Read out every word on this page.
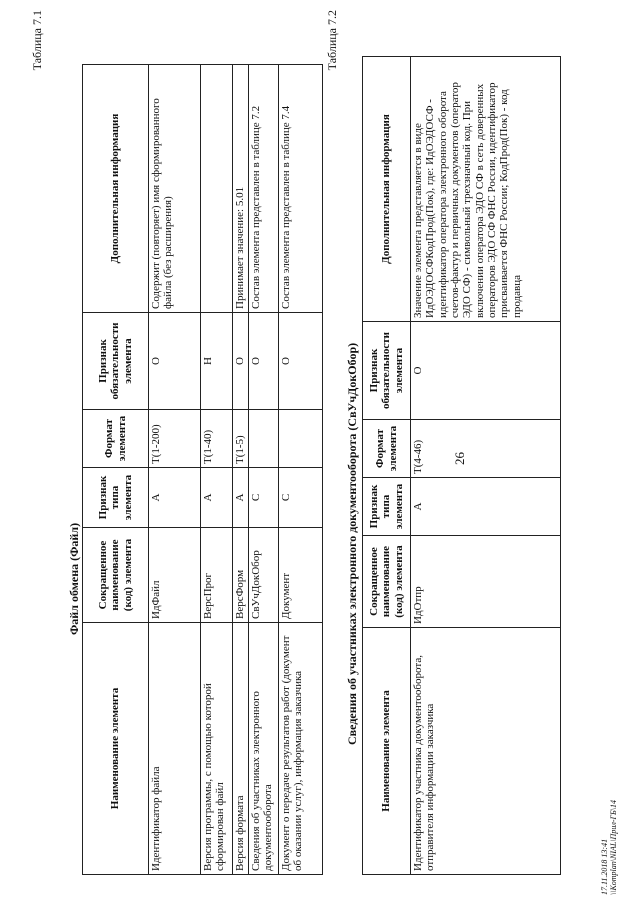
26
Таблица 7.1
Файл обмена (Файл)
Наименование элемента	Сокращенное наименование (код) элемента	Признак типа элемента	Формат элемента	Признак обязательности элемента	Дополнительная информация
Идентификатор файла	ИдФайл	А	Т(1-200)	О	Содержит (повторяет) имя сформированного файла (без расширения)
Версия программы, с помощью которой сформирован файл	ВерсПрог	А	Т(1-40)	Н	
Версия формата	ВерсФорм	А	Т(1-5)	О	Принимает значение: 5.01
Сведения об участниках электронного документооборота	СвУчДокОбор	С		О	Состав элемента представлен в таблице 7.2
Документ о передаче результатов работ (документ об оказании услуг), информация заказчика	Документ	С		О	Состав элемента представлен в таблице 7.4
Таблица 7.2
Сведения об участниках электронного документооборота (СвУчДокОбор)
Наименование элемента	Сокращенное наименование (код) элемента	Признак типа элемента	Формат элемента	Признак обязательности элемента	Дополнительная информация
Идентификатор участника документооборота, отправителя информации заказчика	ИдОтпр	А	Т(4-46)	О	Значение элемента представляется в виде ИдОЭДОСФКодПрод(Пок), где: ИдОЭДОСФ - идентификатор оператора электронного оборота счетов-фактур и первичных документов (оператор ЭДО СФ) - символьный трехзначный код. При включении оператора ЭДО СФ в сеть доверенных операторов ЭДО СФ ФНС России, идентификатор присваивается ФНС России; КодПрод(Пок) - код продавца
17.11.2018 13:41 \\Komplan\NIAL\Прил-ГБ\14
